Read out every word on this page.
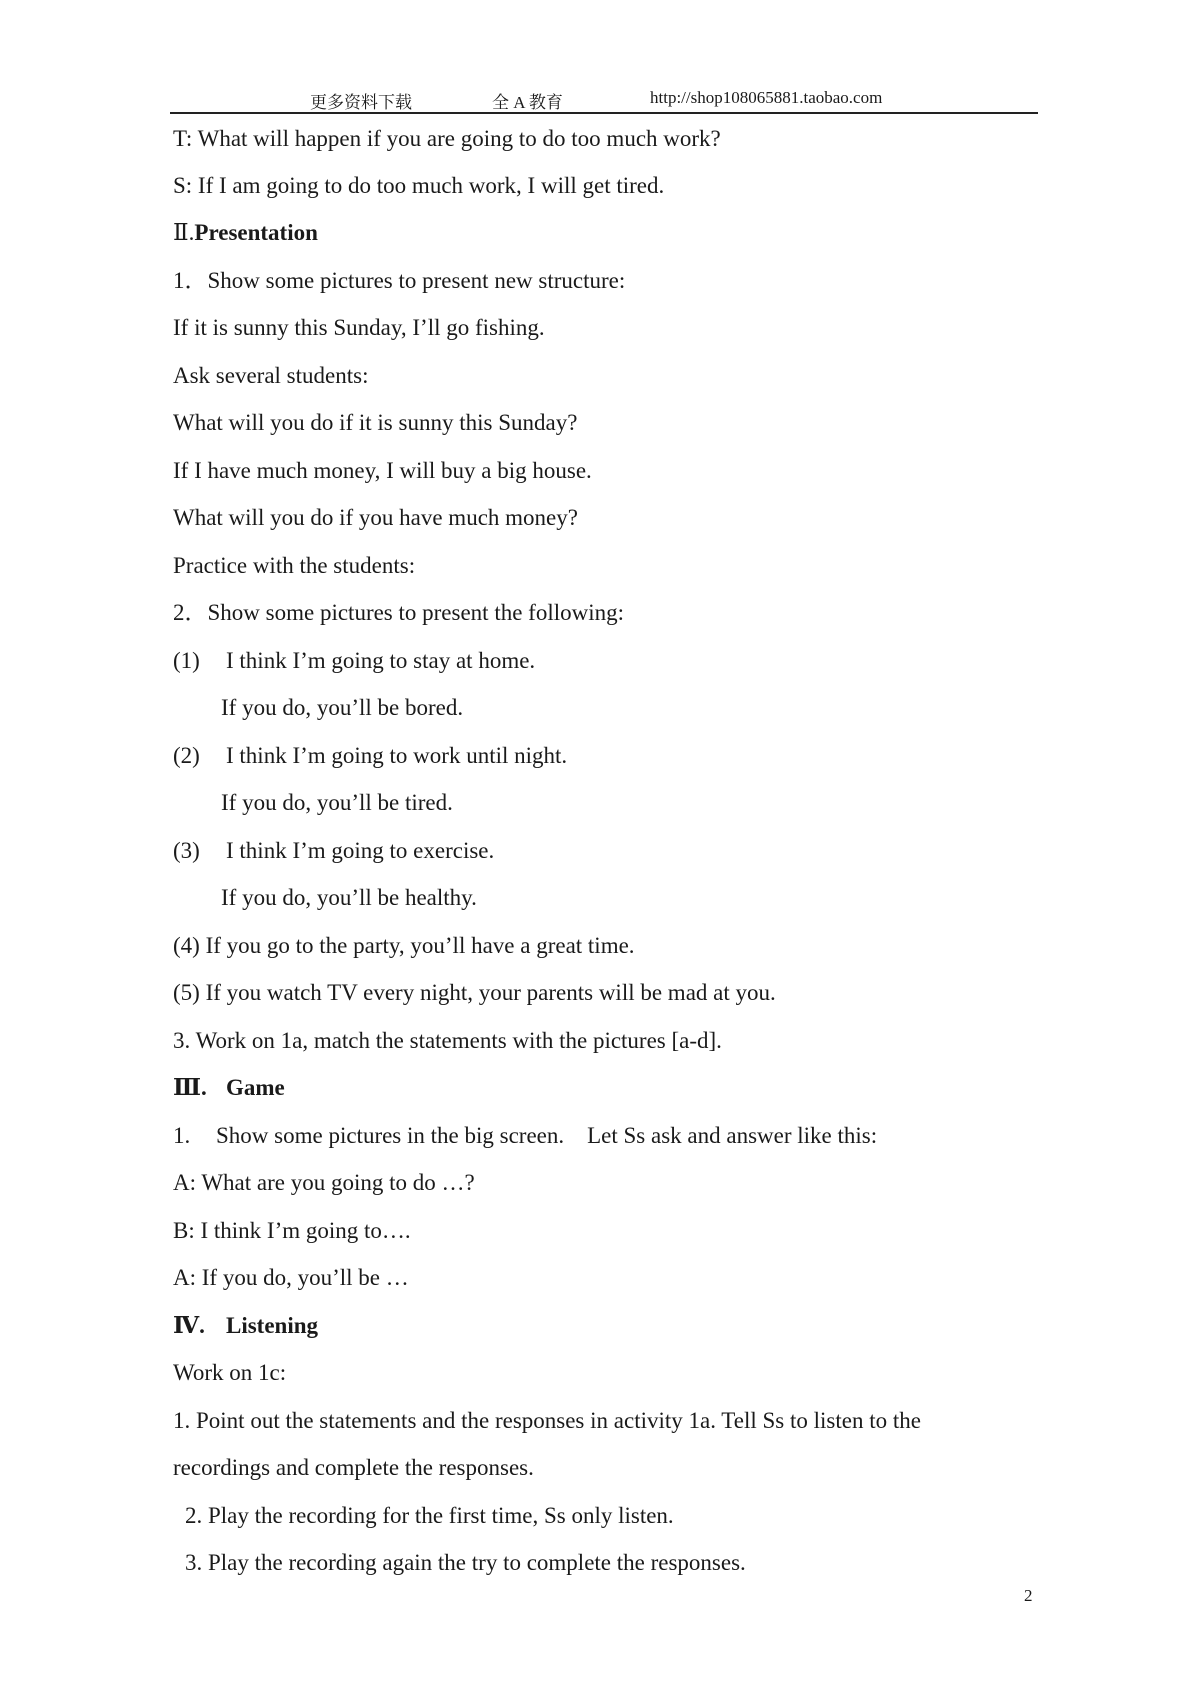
更多资料下载	全 A 教育	http://shop108065881.taobao.com
T: What will happen if you are going to do too much work?
S: If I am going to do too much work, I will get tired.
Ⅱ.Presentation
1．Show some pictures to present new structure:
If it is sunny this Sunday, I’ll go fishing.
Ask several students:
What will you do if it is sunny this Sunday?
If I have much money, I will buy a big house.
What will you do if you have much money?
Practice with the students:
2．Show some pictures to present the following:
(1) I think I’m going to stay at home.
If you do, you’ll be bored.
(2) I think I’m going to work until night.
If you do, you’ll be tired.
(3) I think I’m going to exercise.
If you do, you’ll be healthy.
(4) If you go to the party, you’ll have a great time.
(5) If you watch TV every night, your parents will be mad at you.
3. Work on 1a, match the statements with the pictures [a-d].
Ⅲ. Game
1. Show some pictures in the big screen.    Let Ss ask and answer like this:
A: What are you going to do …?
B: I think I’m going to….
A: If you do, you’ll be …
Ⅳ. Listening
Work on 1c:
1. Point out the statements and the responses in activity 1a. Tell Ss to listen to the
recordings and complete the responses.
2. Play the recording for the first time, Ss only listen.
3. Play the recording again the try to complete the responses.
2
